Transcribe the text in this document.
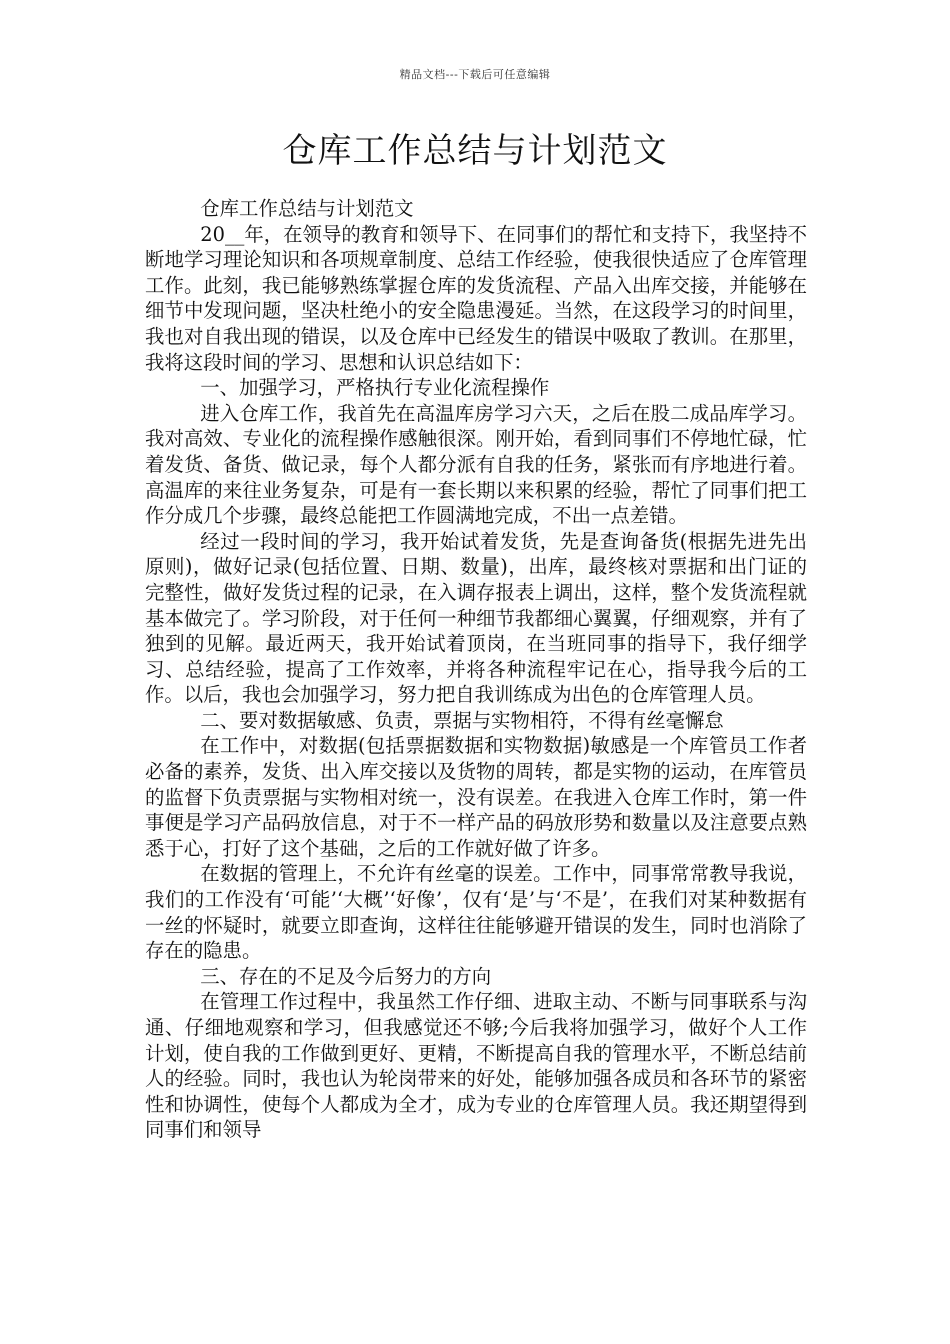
精品文档---下载后可任意编辑
仓库工作总结与计划范文

仓库工作总结与计划范文

20__年，在领导的教育和领导下、在同事们的帮忙和支持下，我坚持不断地学习理论知识和各项规章制度、总结工作经验，使我很快适应了仓库管理工作。此刻，我已能够熟练掌握仓库的发货流程、产品入出库交接，并能够在细节中发现问题，坚决杜绝小的安全隐患漫延。当然，在这段学习的时间里，我也对自我出现的错误，以及仓库中已经发生的错误中吸取了教训。在那里，我将这段时间的学习、思想和认识总结如下：

一、加强学习，严格执行专业化流程操作

进入仓库工作，我首先在高温库房学习六天，之后在股二成品库学习。我对高效、专业化的流程操作感触很深。刚开始，看到同事们不停地忙碌，忙着发货、备货、做记录，每个人都分派有自我的任务，紧张而有序地进行着。高温库的来往业务复杂，可是有一套长期以来积累的经验，帮忙了同事们把工作分成几个步骤，最终总能把工作圆满地完成，不出一点差错。

经过一段时间的学习，我开始试着发货，先是查询备货(根据先进先出原则)，做好记录(包括位置、日期、数量)，出库，最终核对票据和出门证的完整性，做好发货过程的记录，在入调存报表上调出，这样，整个发货流程就基本做完了。学习阶段，对于任何一种细节我都细心翼翼，仔细观察，并有了独到的见解。最近两天，我开始试着顶岗，在当班同事的指导下，我仔细学习、总结经验，提高了工作效率，并将各种流程牢记在心，指导我今后的工作。以后，我也会加强学习，努力把自我训练成为出色的仓库管理人员。

二、要对数据敏感、负责，票据与实物相符，不得有丝毫懈怠

在工作中，对数据(包括票据数据和实物数据)敏感是一个库管员工作者必备的素养，发货、出入库交接以及货物的周转，都是实物的运动，在库管员的监督下负责票据与实物相对统一，没有误差。在我进入仓库工作时，第一件事便是学习产品码放信息，对于不一样产品的码放形势和数量以及注意要点熟悉于心，打好了这个基础，之后的工作就好做了许多。

在数据的管理上，不允许有丝毫的误差。工作中，同事常常教导我说，我们的工作没有‘可能’‘大概’‘好像’，仅有‘是’与‘不是’，在我们对某种数据有一丝的怀疑时，就要立即查询，这样往往能够避开错误的发生，同时也消除了存在的隐患。

三、存在的不足及今后努力的方向

在管理工作过程中，我虽然工作仔细、进取主动、不断与同事联系与沟通、仔细地观察和学习，但我感觉还不够;今后我将加强学习，做好个人工作计划，使自我的工作做到更好、更精，不断提高自我的管理水平，不断总结前人的经验。同时，我也认为轮岗带来的好处，能够加强各成员和各环节的紧密性和协调性，使每个人都成为全才，成为专业的仓库管理人员。我还期望得到同事们和领导
